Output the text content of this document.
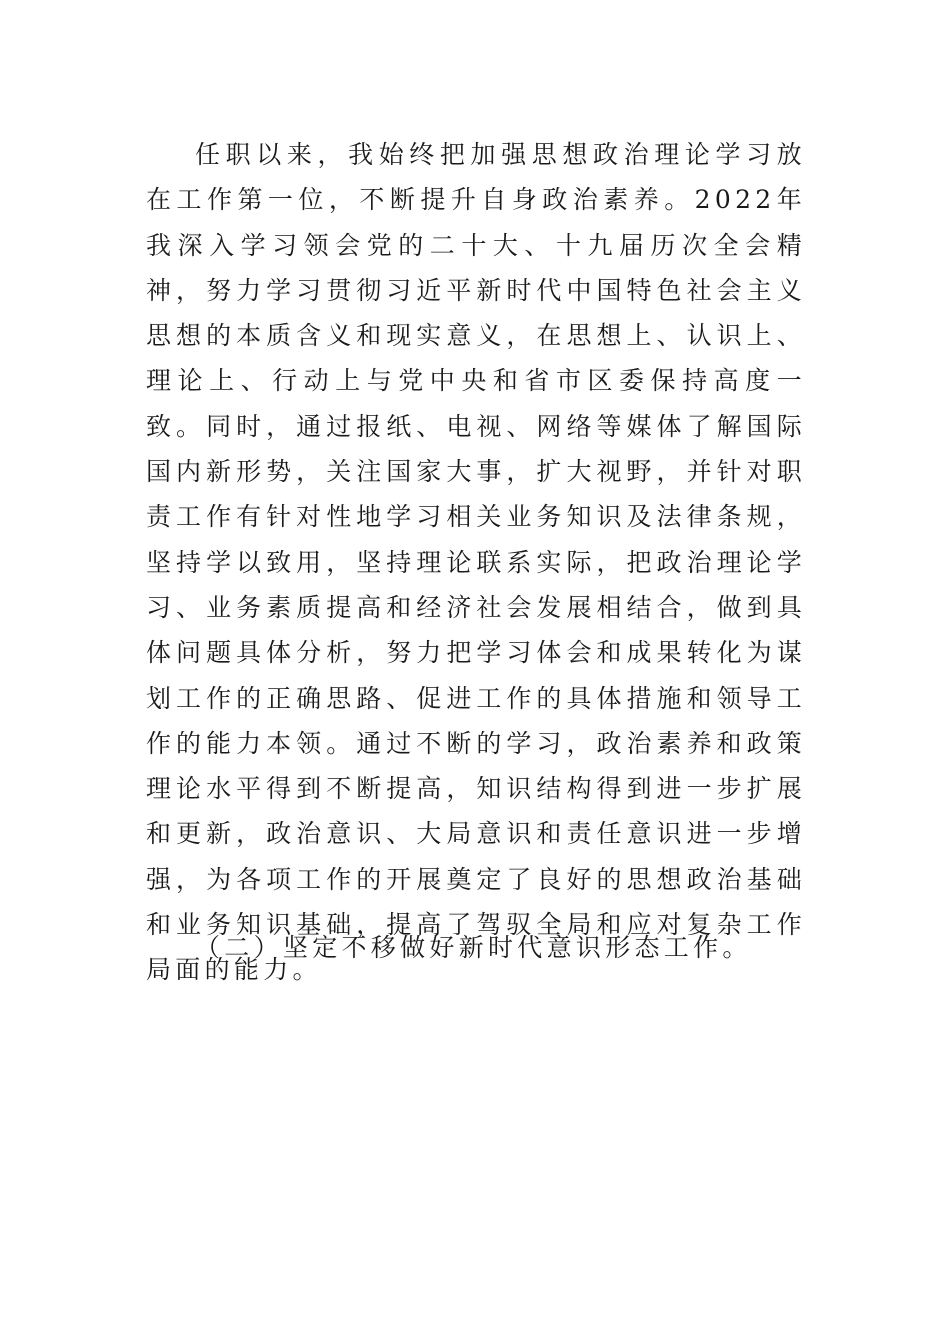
任职以来，我始终把加强思想政治理论学习放在工作第一位，不断提升自身政治素养。2022年我深入学习领会党的二十大、十九届历次全会精神，努力学习贯彻习近平新时代中国特色社会主义思想的本质含义和现实意义，在思想上、认识上、理论上、行动上与党中央和省市区委保持高度一致。同时，通过报纸、电视、网络等媒体了解国际国内新形势，关注国家大事，扩大视野，并针对职责工作有针对性地学习相关业务知识及法律条规，坚持学以致用，坚持理论联系实际，把政治理论学习、业务素质提高和经济社会发展相结合，做到具体问题具体分析，努力把学习体会和成果转化为谋划工作的正确思路、促进工作的具体措施和领导工作的能力本领。通过不断的学习，政治素养和政策理论水平得到不断提高，知识结构得到进一步扩展和更新，政治意识、大局意识和责任意识进一步增强，为各项工作的开展奠定了良好的思想政治基础和业务知识基础，提高了驾驭全局和应对复杂工作局面的能力。

（二）坚定不移做好新时代意识形态工作。
